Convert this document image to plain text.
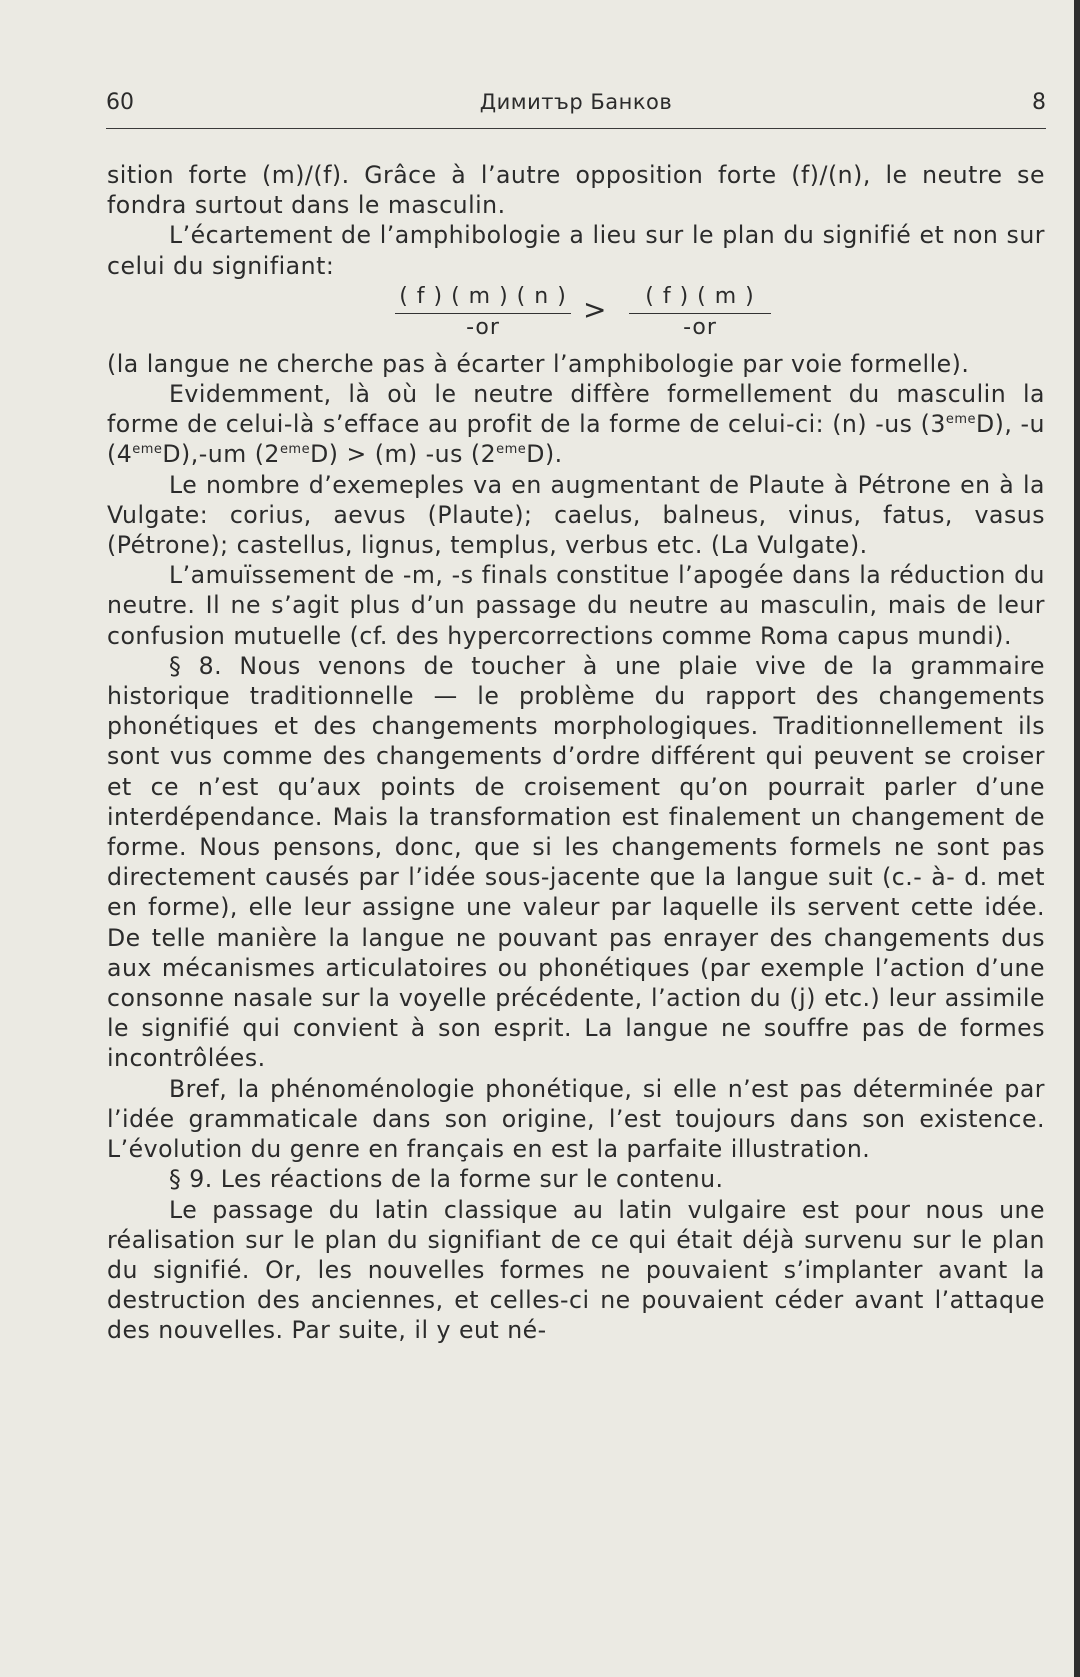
60	Димитър Банков	8

sition forte (m)/(f). Grâce à l’autre opposition forte (f)/(n), le neutre se fondra surtout dans le masculin.

L’écartement de l’amphibologie a lieu sur le plan du signifié et non sur celui du signifiant:

$\frac{( f ) ( m ) ( n )}{-or} > \frac{( f ) ( m )}{-or}$

(la langue ne cherche pas à écarter l’amphibologie par voie formelle).

Evidemment, là où le neutre diffère formellement du masculin la forme de celui-là s’efface au profit de la forme de celui-ci: (n) -us (3emeD), -u (4emeD),-um (2emeD) > (m) -us (2emeD).

Le nombre d’exemeples va en augmentant de Plaute à Pétrone en à la Vulgate: corius, aevus (Plaute); caelus, balneus, vinus, fatus, vasus (Pétrone); castellus, lignus, templus, verbus etc. (La Vulgate).

L’amuïssement de -m, -s finals constitue l’apogée dans la réduction du neutre. Il ne s’agit plus d’un passage du neutre au masculin, mais de leur confusion mutuelle (cf. des hypercorrections comme Roma capus mundi).

§ 8. Nous venons de toucher à une plaie vive de la grammaire historique traditionnelle — le problème du rapport des changements phonétiques et des changements morphologiques. Traditionnellement ils sont vus comme des changements d’ordre différent qui peuvent se croiser et ce n’est qu’aux points de croisement qu’on pourrait parler d’une interdépendance. Mais la transformation est finalement un changement de forme. Nous pensons, donc, que si les changements formels ne sont pas directement causés par l’idée sous-jacente que la langue suit (c.- à- d. met en forme), elle leur assigne une valeur par laquelle ils servent cette idée. De telle manière la langue ne pouvant pas enrayer des changements dus aux mécanismes articulatoires ou phonétiques (par exemple l’action d’une consonne nasale sur la voyelle précédente, l’action du (j) etc.) leur assimile le signifié qui convient à son esprit. La langue ne souffre pas de formes incontrôlées.

Bref, la phénoménologie phonétique, si elle n’est pas déterminée par l’idée grammaticale dans son origine, l’est toujours dans son existence. L’évolution du genre en français en est la parfaite illustration.

§ 9. Les réactions de la forme sur le contenu.

Le passage du latin classique au latin vulgaire est pour nous une réalisation sur le plan du signifiant de ce qui était déjà survenu sur le plan du signifié. Or, les nouvelles formes ne pouvaient s’implanter avant la destruction des anciennes, et celles-ci ne pouvaient céder avant l’attaque des nouvelles. Par suite, il y eut né-
